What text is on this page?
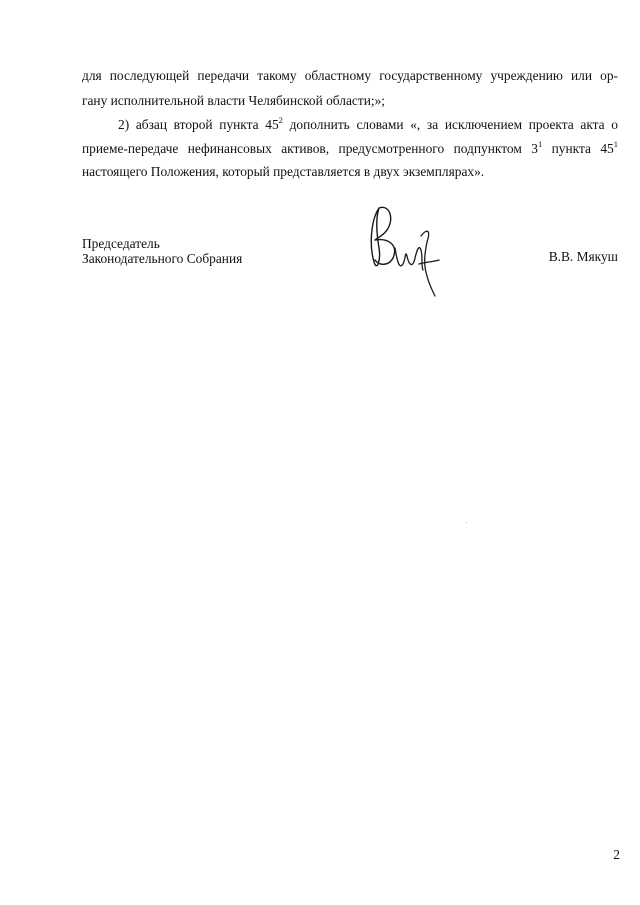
для последующей передачи такому областному государственному учреждению или ор-
гану исполнительной власти Челябинской области;»;
2) абзац второй пункта $45^2$ дополнить словами «, за исключением проекта акта о
приеме-передаче нефинансовых активов, предусмотренного подпунктом $3^1$ пункта $45^1$
настоящего Положения, который представляется в двух экземплярах».
Председатель
Законодательного Собрания	В.В. Мякуш
2
